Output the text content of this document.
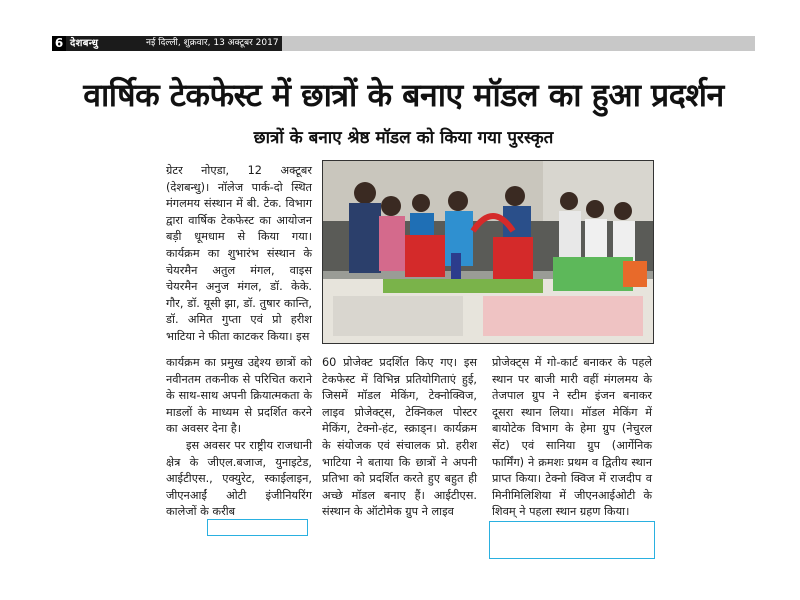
6 देशबन्धु	नई दिल्ली, शुक्रवार, 13 अक्टूबर 2017
वार्षिक टेकफेस्ट में छात्रों के बनाए मॉडल का हुआ प्रदर्शन
छात्रों के बनाए श्रेष्ठ मॉडल को किया गया पुरस्कृत

ग्रेटर नोएडा, 12 अक्टूबर (देशबन्धु)। नॉलेज पार्क-दो स्थित मंगलमय संस्थान में बी. टेक. विभाग द्वारा वार्षिक टेकफेस्ट का आयोजन बड़ी धूमधाम से किया गया। कार्यक्रम का शुभारंभ संस्थान के चेयरमैन अतुल मंगल, वाइस चेयरमैन अनुज मंगल, डॉ. केके. गौर, डॉ. यूसी झा, डॉ. तुषार कान्ति, डॉ. अमित गुप्ता एवं प्रो हरीश भाटिया ने फीता काटकर किया। इस

कार्यक्रम का प्रमुख उद्देश्य छात्रों को नवीनतम तकनीक से परिचित कराने के साथ-साथ अपनी क्रियात्मकता के माडलों के माध्यम से प्रदर्शित करने का अवसर देना है।

इस अवसर पर राष्ट्रीय राजधानी क्षेत्र के जीएल.बजाज, युनाइटेड, आईटीएस., एक्युरेट, स्काईलाइन, जीएनआईं ओटी इंजीनियरिंग कालेजों के करीब

60 प्रोजेक्ट प्रदर्शित किए गए। इस टेकफेस्ट में विभिन्न प्रतियोगिताएं हुई, जिसमें मॉडल मेकिंग, टेक्नोक्विज, लाइव प्रोजेक्ट्स, टेक्निकल पोस्टर मेकिंग, टेक्नो-हंट, स्क्राड्न। कार्यक्रम के संयोजक एवं संचालक प्रो. हरीश भाटिया ने बताया कि छात्रों ने अपनी प्रतिभा को प्रदर्शित करते हुए बहुत ही अच्छे मॉडल बनाए हैं। आईटीएस. संस्थान के ऑटोमेक ग्रुप ने लाइव

प्रोजेक्ट्स में गो-कार्ट बनाकर के पहले स्थान पर बाजी मारी वहीं मंगलमय के तेजपाल ग्रुप ने स्टीम इंजन बनाकर दूसरा स्थान लिया। मॉडल मेकिंग में बायोटेक विभाग के हेमा ग्रुप (नेचुरल सेंट) एवं सानिया ग्रुप (आर्गेनिक फार्मिंग) ने क्रमशः प्रथम व द्वितीय स्थान प्राप्त किया। टेक्नो क्विज में राजदीप व मिनीमिलिशिया में जीएनआईओटी के शिवम् ने पहला स्थान ग्रहण किया।
